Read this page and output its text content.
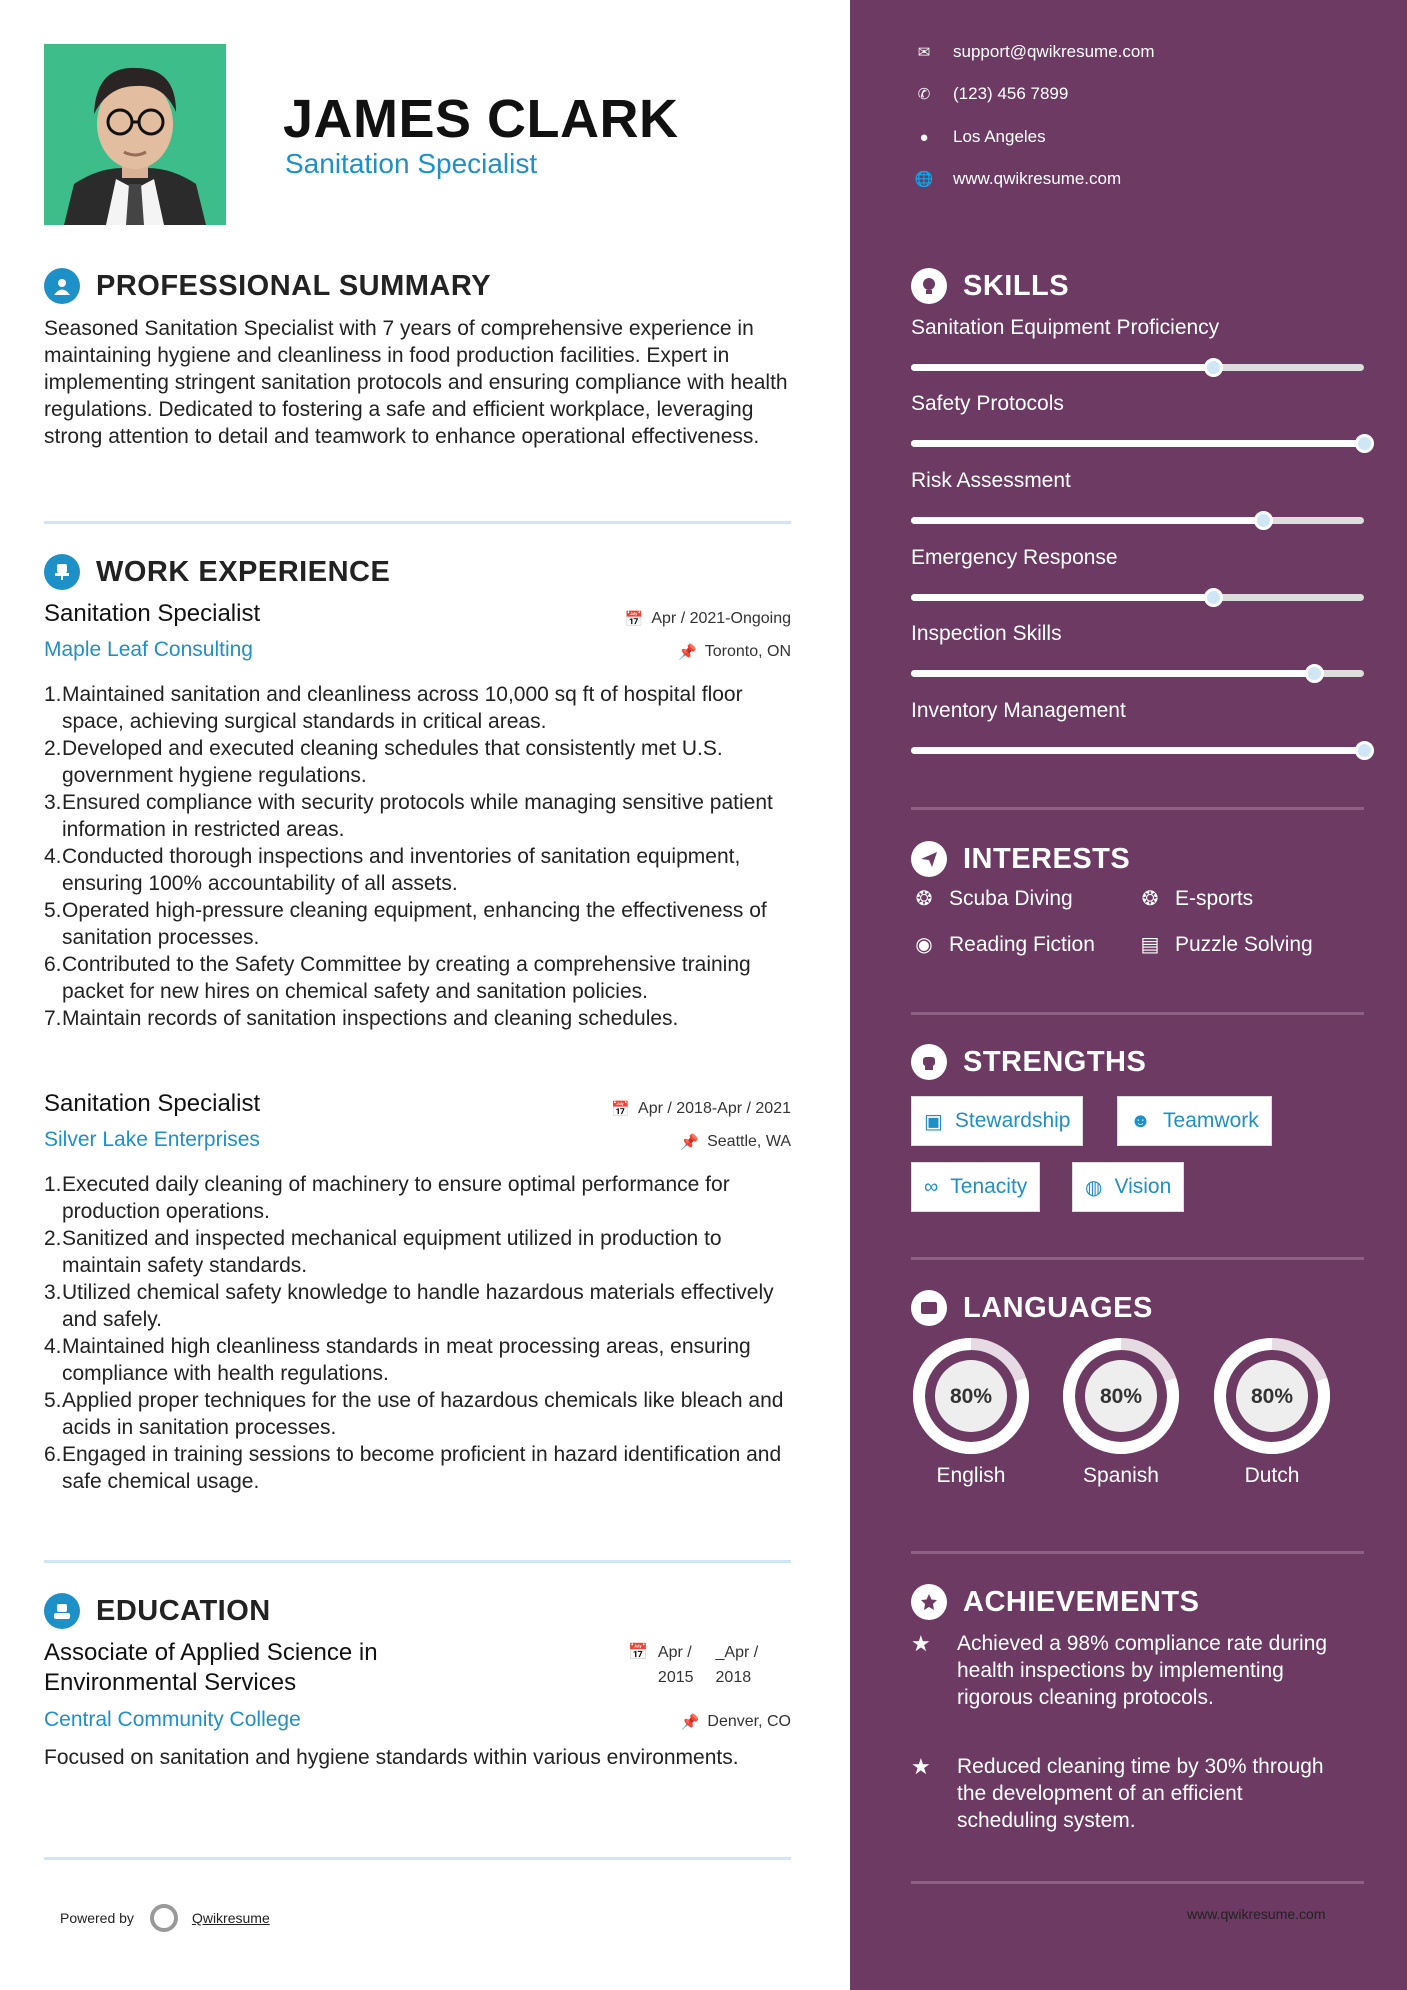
JAMES CLARK
Sanitation Specialist
PROFESSIONAL SUMMARY
Seasoned Sanitation Specialist with 7 years of comprehensive experience in maintaining hygiene and cleanliness in food production facilities. Expert in implementing stringent sanitation protocols and ensuring compliance with health regulations. Dedicated to fostering a safe and efficient workplace, leveraging strong attention to detail and teamwork to enhance operational effectiveness.
WORK EXPERIENCE
Sanitation Specialist	📅 Apr / 2021-Ongoing
Maple Leaf Consulting	📌 Toronto, ON
1. Maintained sanitation and cleanliness across 10,000 sq ft of hospital floor space, achieving surgical standards in critical areas.
2. Developed and executed cleaning schedules that consistently met U.S. government hygiene regulations.
3. Ensured compliance with security protocols while managing sensitive patient information in restricted areas.
4. Conducted thorough inspections and inventories of sanitation equipment, ensuring 100% accountability of all assets.
5. Operated high-pressure cleaning equipment, enhancing the effectiveness of sanitation processes.
6. Contributed to the Safety Committee by creating a comprehensive training packet for new hires on chemical safety and sanitation policies.
7. Maintain records of sanitation inspections and cleaning schedules.
Sanitation Specialist	📅 Apr / 2018-Apr / 2021
Silver Lake Enterprises	📌 Seattle, WA
1. Executed daily cleaning of machinery to ensure optimal performance for production operations.
2. Sanitized and inspected mechanical equipment utilized in production to maintain safety standards.
3. Utilized chemical safety knowledge to handle hazardous materials effectively and safely.
4. Maintained high cleanliness standards in meat processing areas, ensuring compliance with health regulations.
5. Applied proper techniques for the use of hazardous chemicals like bleach and acids in sanitation processes.
6. Engaged in training sessions to become proficient in hazard identification and safe chemical usage.
EDUCATION
Associate of Applied Science in Environmental Services
📅 Apr /
2015
_Apr /
2018
Central Community College	📌 Denver, CO
Focused on sanitation and hygiene standards within various environments.
Powered by	Qwikresume
✉	support@qwikresume.com
✆	(123) 456 7899
●	Los Angeles
🌐 www.qwikresume.com
SKILLS
Sanitation Equipment Proficiency
Safety Protocols
Risk Assessment
Emergency Response
Inspection Skills
Inventory Management
INTERESTS
❂ Scuba Diving	❂ E-sports
◉ Reading Fiction ▤ Puzzle Solving
STRENGTHS
▣ Stewardship	☻ Teamwork
∞ Tenacity	◍ Vision
LANGUAGES
80%
English
80%
Spanish
80%
Dutch
ACHIEVEMENTS
★	Achieved a 98% compliance rate during health inspections by implementing rigorous cleaning protocols.
★	Reduced cleaning time by 30% through the development of an efficient scheduling system.
www.qwikresume.com
